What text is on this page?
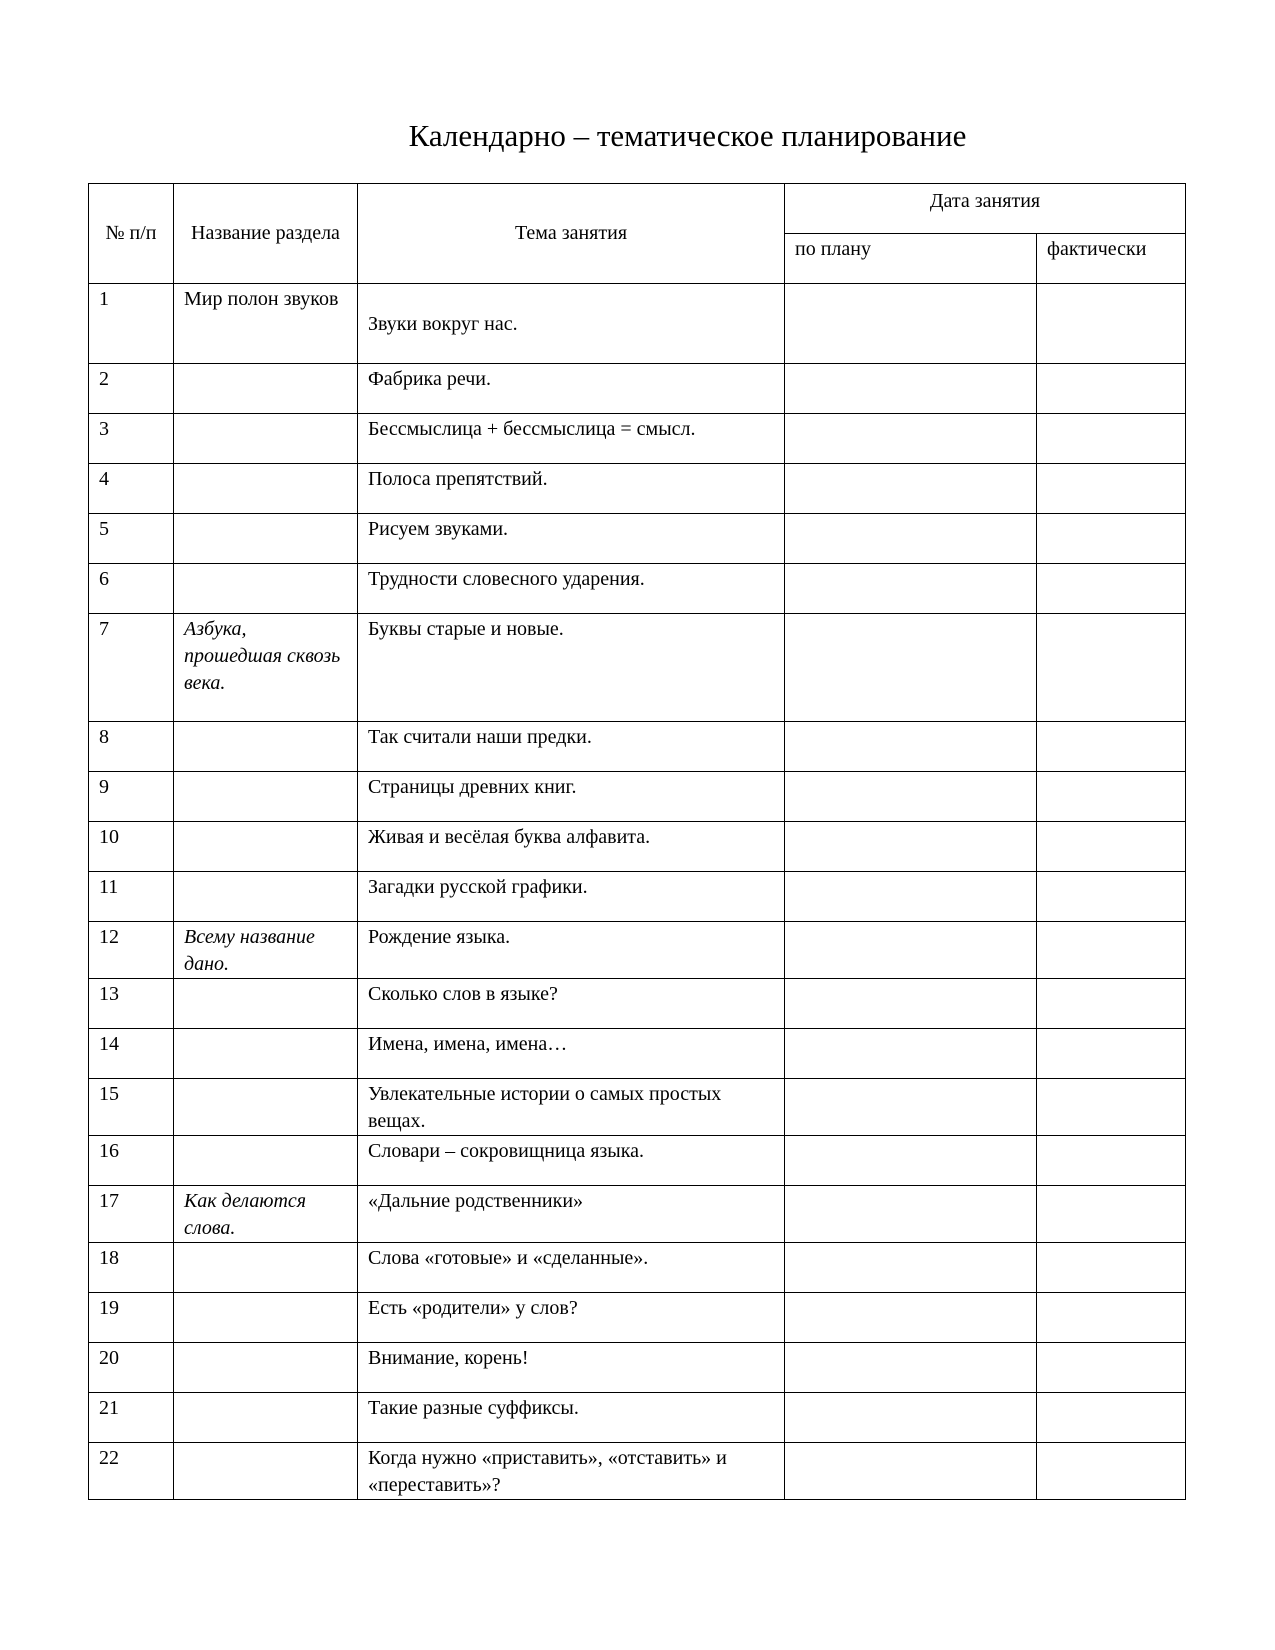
Календарно – тематическое планирование
№ п/п	Название раздела	Тема занятия	Дата занятия	
			по плану	фактически
1	Мир полон звуков	Звуки вокруг нас.		
2		Фабрика речи.		
3		Бессмыслица + бессмыслица = смысл.		
4		Полоса препятствий.		
5		Рисуем звуками.		
6		Трудности словесного ударения.		
7	Азбука, прошедшая сквозь века.	Буквы старые и новые.		
8		Так считали наши предки.		
9		Страницы древних книг.		
10		Живая и весёлая буква алфавита.		
11		Загадки русской графики.		
12	Всему название дано.	Рождение языка.		
13		Сколько слов в языке?		
14		Имена, имена, имена…		
15		Увлекательные истории о самых простых вещах.		
16		Словари – сокровищница языка.		
17	Как делаются слова.	«Дальние родственники»		
18		Слова «готовые» и «сделанные».		
19		Есть «родители» у слов?		
20		Внимание, корень!		
21		Такие разные суффиксы.		
22		Когда нужно «приставить», «отставить» и «переставить»?		
